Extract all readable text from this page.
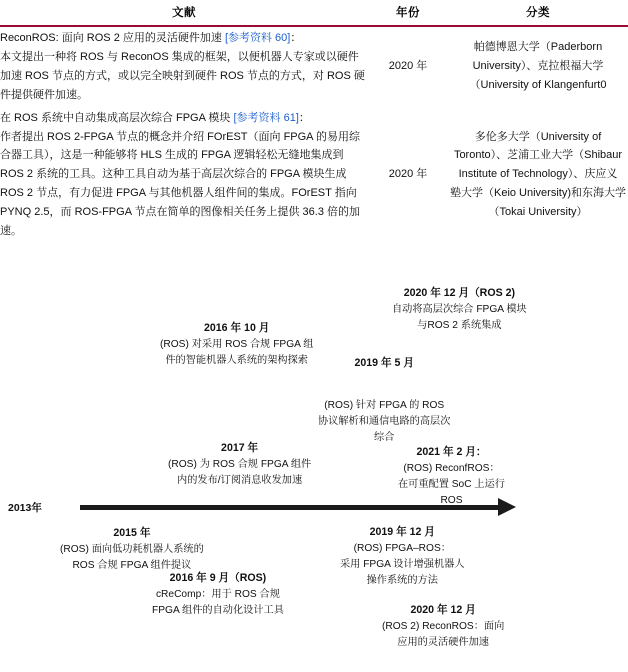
文献	年份	分类

ReconROS: 面向 ROS 2 应用的灵活硬件加速 [参考资料 60]：
本文提出一种将 ROS 与 ReconOS 集成的框架，以便机器人专家或以硬件加速 ROS 节点的方式，或以完全映射到硬件 ROS 节点的方式，对 ROS 硬件提供硬件加速。	2020 年	帕德博恩大学（Paderborn
University）、克拉根福大学
（University of Klangenfurt0

在 ROS 系统中自动集成高层次综合 FPGA 模块 [参考资料 61]：
作者提出 ROS 2-FPGA 节点的概念并介绍 FOrEST（面向 FPGA 的易用综合器工具），这是一种能够将 HLS 生成的 FPGA 逻辑轻松无缝地集成到 ROS 2 系统的工具。这种工具自动为基于高层次综合的 FPGA 模块生成 ROS 2 节点，有力促进 FPGA 与其他机器人组件间的集成。FOrEST 指向 PYNQ 2.5，而 ROS-FPGA 节点在简单的图像相关任务上提供 36.3 倍的加速。
	2020 年	
多伦多大学（University of
Toronto）、芝浦工业大学（Shibaur
Institute of Technology）、庆应义
塾大学（Keio University)和东海大学
（Tokai University）
2013年
2020 年 12 月（ROS 2)
自动将高层次综合 FPGA 模块
与ROS 2 系统集成
2016 年 10 月
(ROS) 对采用 ROS 合规 FPGA 组
件的智能机器人系统的架构探索	2019 年 5 月
(ROS) 针对 FPGA 的 ROS
协议解析和通信电路的高层次
综合
2017 年
(ROS) 为 ROS 合规 FPGA 组件
内的发布/订阅消息收发加速
2021 年 2 月：
(ROS) ReconfROS：
在可重配置 SoC 上运行
ROS
2015 年
(ROS) 面向低功耗机器人系统的
ROS 合规 FPGA 组件提议
2019 年 12 月
(ROS) FPGA–ROS：
采用 FPGA 设计增强机器人
操作系统的方法
2016 年 9 月（ROS)
cReComp：用于 ROS 合规
FPGA 组件的自动化设计工具	2020 年 12 月
(ROS 2) ReconROS：面向
应用的灵活硬件加速
